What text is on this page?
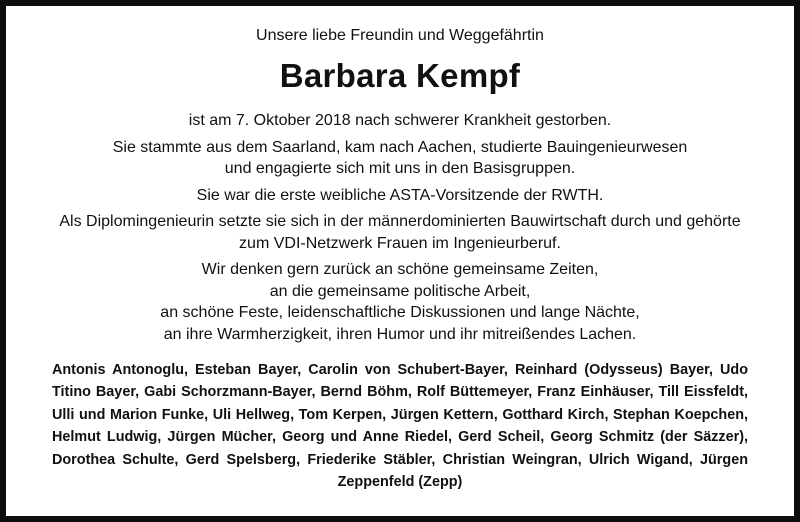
Unsere liebe Freundin und Weggefährtin
Barbara Kempf

ist am 7. Oktober 2018 nach schwerer Krankheit gestorben.

Sie stammte aus dem Saarland, kam nach Aachen, studierte Bauingenieurwesen und engagierte sich mit uns in den Basisgruppen.

Sie war die erste weibliche ASTA-Vorsitzende der RWTH.

Als Diplomingenieurin setzte sie sich in der männerdominierten Bauwirtschaft durch und gehörte zum VDI-Netzwerk Frauen im Ingenieurberuf.

Wir denken gern zurück an schöne gemeinsame Zeiten,
an die gemeinsame politische Arbeit,
an schöne Feste, leidenschaftliche Diskussionen und lange Nächte,
an ihre Warmherzigkeit, ihren Humor und ihr mitreißendes Lachen.

Antonis Antonoglu, Esteban Bayer, Carolin von Schubert-Bayer, Reinhard (Odysseus) Bayer, Udo Titino Bayer, Gabi Schorzmann-Bayer, Bernd Böhm, Rolf Büttemeyer, Franz Einhäuser, Till Eissfeldt, Ulli und Marion Funke, Uli Hellweg, Tom Kerpen, Jürgen Kettern, Gotthard Kirch, Stephan Koepchen, Helmut Ludwig, Jürgen Mücher, Georg und Anne Riedel, Gerd Scheil, Georg Schmitz (der Säzzer), Dorothea Schulte, Gerd Spelsberg, Friederike Stäbler, Christian Weingran, Ulrich Wigand, Jürgen Zeppenfeld (Zepp)
